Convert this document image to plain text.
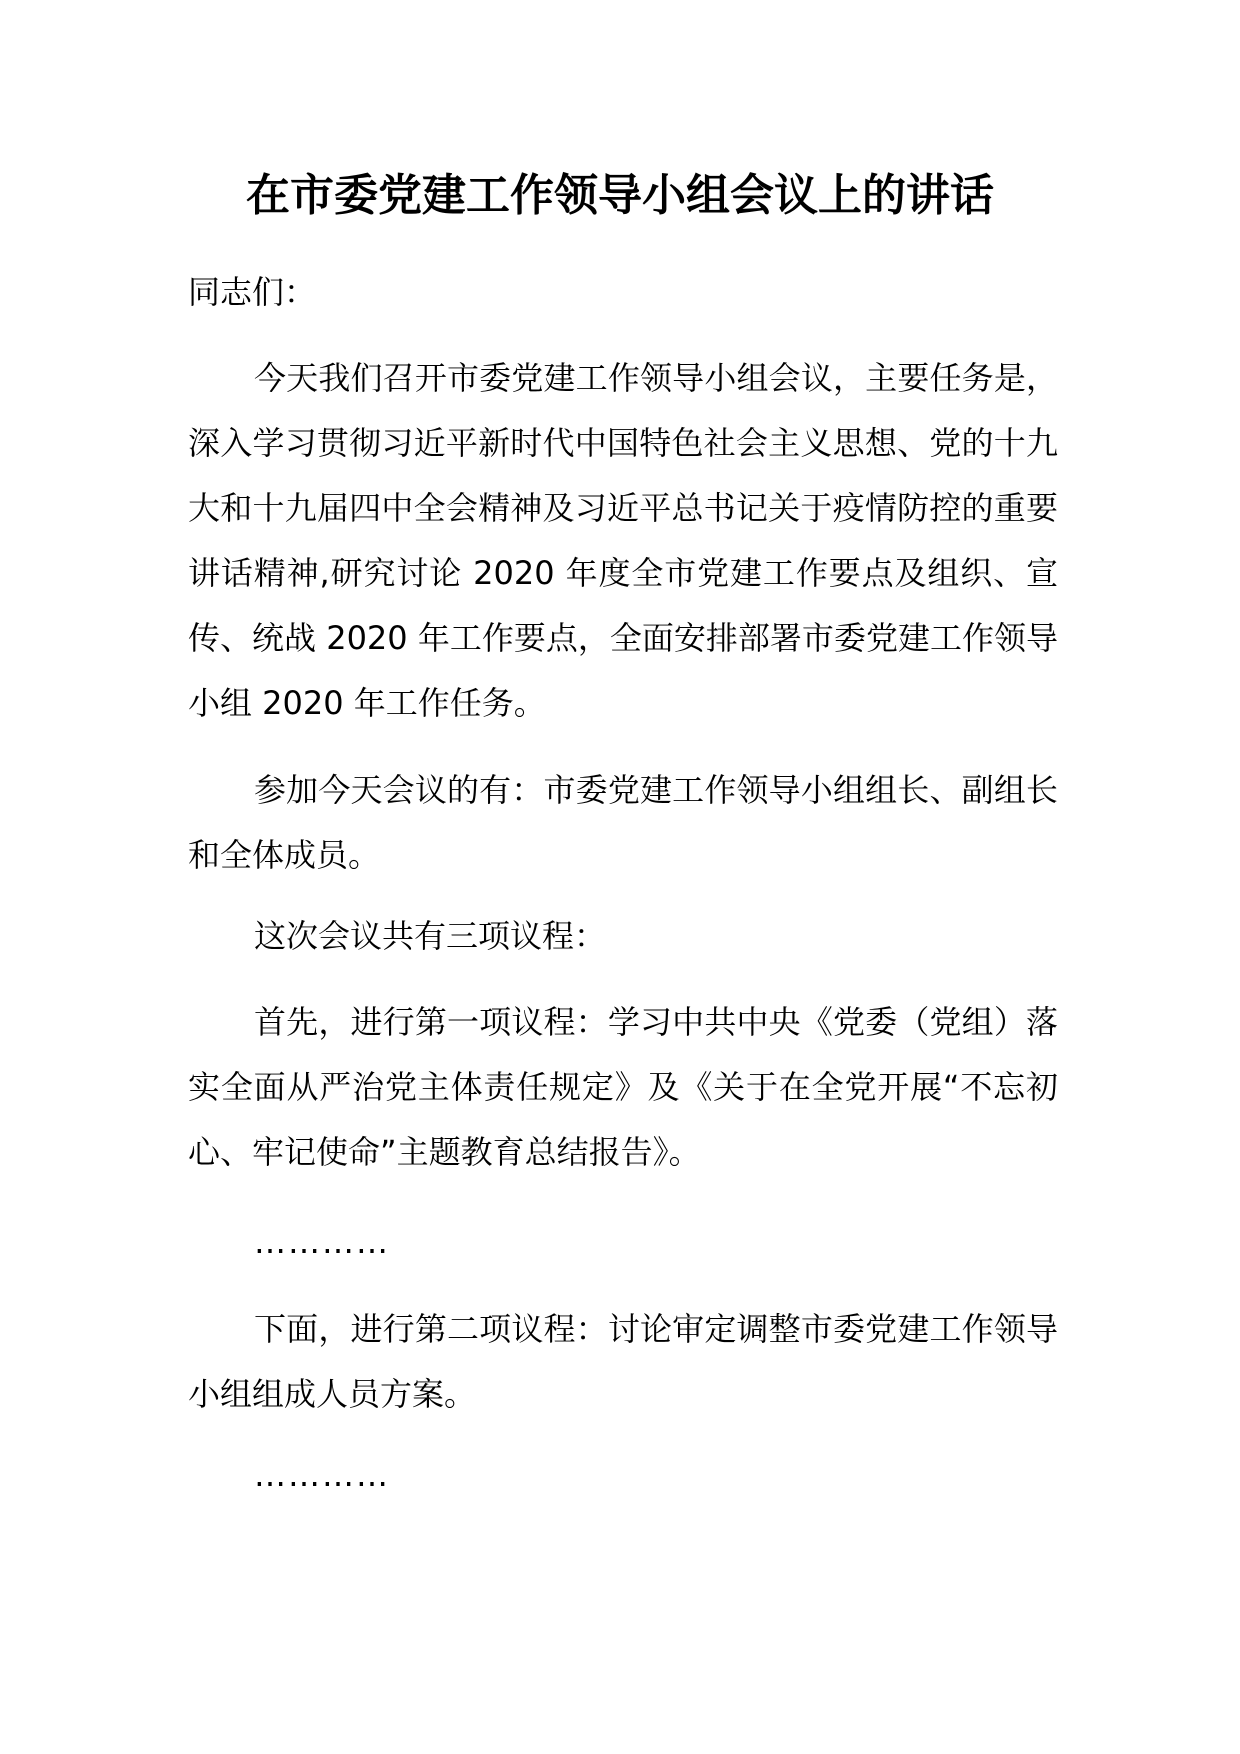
在市委党建工作领导小组会议上的讲话
同志们：
今天我们召开市委党建工作领导小组会议，主要任务是，深入学习贯彻习近平新时代中国特色社会主义思想、党的十九大和十九届四中全会精神及习近平总书记关于疫情防控的重要讲话精神,研究讨论 2020 年度全市党建工作要点及组织、宣传、统战 2020 年工作要点，全面安排部署市委党建工作领导小组 2020 年工作任务。
参加今天会议的有：市委党建工作领导小组组长、副组长和全体成员。
这次会议共有三项议程：
首先，进行第一项议程：学习中共中央《党委（党组）落实全面从严治党主体责任规定》及《关于在全党开展“不忘初心、牢记使命”主题教育总结报告》。
…………
下面，进行第二项议程：讨论审定调整市委党建工作领导小组组成人员方案。
…………
